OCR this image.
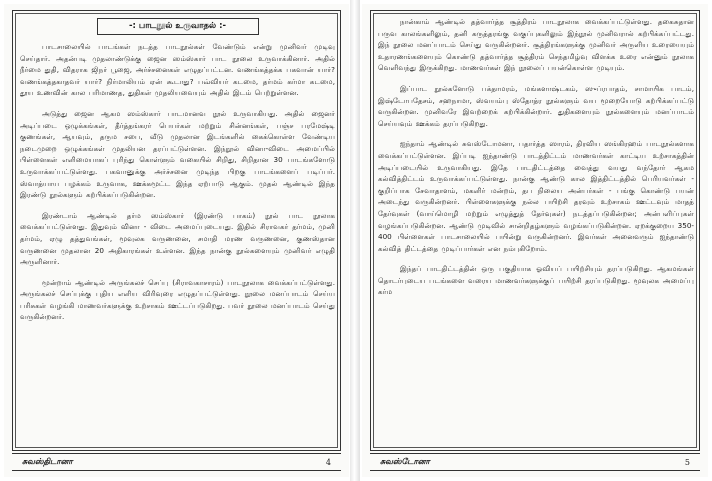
-: பாடநூல் உருவாதல் :-

பாடசாலையில் பாடங்கள் நடத்த பாடநூல்கள் வேண்டும் என்று முனிவர் முடிவு செய்தார். அதன்படி முதலாண்டுக்கு ஜைன ஸம்ஸ்கார் பாட நூலை உருவாக்கினார். அதில் நீர்மை துதி, விதராக ஜிநர் பூஜை, அர்ச்சனைகள் எழுதப்பட்டன. வணங்கத்தக்க பகவான் யார்? வணங்கத்தகாதவர் யார்? நிர்மாலியம் ஏன் கூடாது? பவ்வியர் கடமை, தர்மம் கர்மா கடமை, தூய உணவின் கால பரிமாணத, துதிகள் முதலியவையும் அதில் இடம் பெற்றுள்ளன.

அடுத்து ஜைன ஆகம ஸம்ஸ்கார் பாடமானவ நூல் உருவாகியது. அதில் ஜைனர் அடிப்படை ஒழுக்கங்கள், தீர்த்தங்கரர் பெயர்கள் மற்றும் சின்னங்கள், பஞ்ச பரமேஷ்டி குணங்கள், ஆயவும், தரும சபை, வீடு முதலான இடங்களில் கைக்கொள்ள வேண்டிய நடைமுறை ஒழுக்கங்கள் முதலியன தரப்பட்டுள்ளன. இந்நூல் வினா-விடை அமைப்பில் பிள்ளைகள் எளிமையாகப் புரிந்து கொள்ளும் வகையில் சிறிது, சிறிதான 30 பாடங்களோடு உருவாக்கப்பட்டுள்ளது. பகவானுக்கு அர்ச்சனை முடிந்த பிறகு பாடங்களைப் படிப்பர். ஸ்வாத்யாய பழக்கம் உருவாக, ஊக்கமூட்ட இந்த ஏற்பாடு ஆகும். முதல் ஆண்டில் இந்த இரண்டு நூல்களும் கற்பிக்கப்படுகின்றன.

இரண்டாம் ஆண்டில் தர்ம ஸம்ஸ்கார் (இரண்டு பாகம்) நூல் பாட நூலாக வைக்கப்பட்டுள்ளது. இதுவும் வினா - விடை அமைப்புடையது. இதில் சிராவகர் தர்மம், முனி தர்மம், ஏழு தத்துவங்கள், மூவுலக வருணனை, சமாதி மரண வருணனை, குணஸ்தான வருணனை முதலான 20 அதிகாரங்கள் உள்ளன. இந்த நான்கு நூல்களையும் முனிவர் எழுதி அருளினார்.

மூன்றாம் ஆண்டில் அருங்கலச் செப்பு (சிராவகாசாரம்) பாடநூலாக வைக்கப்பட்டுள்ளது. அருங்கலச் செப்புக்கு புதிய எளிய விரிவுரை எழுதப்பட்டுள்ளது. நூலை மனப்பாடம் செய்ய பரிசுகள் வழங்கி மாணவர்களுக்கு உற்சாகம் ஊட்டப்படுகிறது. பவர் நூலை மனப்பாடம் செய்து வருகின்றனர்.

சுவஸ்திடானா	4

நான்காம் ஆண்டில் தத்வார்த்த சூத்திரம் பாடநூலாக வைக்கப்பட்டுள்ளது. தகைசுதான பருவ காலங்களிலும், தனி கருத்தரங்கு வகுப்புகளிலும் இந்நூல் முனிவரால் கற்பிக்கப்பட்டது. இந் நூலை மனப்பாடம் செய்து வருகின்றனர். சூத்திரங்களுக்கு முனிவர் அருளிய உரையையும் உதாரணங்களையும் கொண்டு தத்வார்த்த சூத்திரம் செந்தமிழ்வு விளக்க உரை என்னும் நூலாக வெளிவந்து இருக்கிறது. மாணவர்கள் இந் நூலைப் பயன்கொள்ள முடியும்.

இப்பாட நூல்களோடு பக்தாமரம், மங்களாஷ்டகம், ஸுப்ரபாதம், சாமாயிக பாடம், இஷ்டோபதேசம், சஹநாமா, ஸ்வயம்பு ஸ்தோத்ர நூல்களும் வய மூறையோடு கற்பிக்கப்பட்டு வருகின்றன. முனிவரே இவற்றைக் கற்பிக்கின்றார். துதிகளையும் நூல்களையும் மனப்பாடம் செய்யவும் ஊக்கம் தரப்படுகிறது.

ஐந்தாம் ஆண்டில் சுவஸ்டோமனா, பதார்த்த ஸாரம், திரவிய ஸங்கிரஹம் பாடநூல்களாக வைக்கப்பட்டுள்ளன. இப்படி ஐந்தாண்டு பாடத்திட்டம் மாணவர்கள் காட்டிய உற்சாகத்தின் அடிப்படையில் உருவாகியது. இதே பாடதிட்டத்தை வைத்து வயது வந்தோர் ஆகம கல்வித்திட்டம் உருவாக்கப்பட்டுள்ளது. நான்கு ஆண்டு கால இத்திட்டத்தில் பெரியவர்கள் - குறிப்பாக சேவாதாளம், மகளிர் மன்றம், தப நிலைய அன்பர்கள் - பங்கு கொண்டு பயன் அடைந்து வருகின்றனர். பிள்ளைகளுக்கு நல்ல பயிற்சி தரவும் உற்சாகம் ஊட்டவும் மாதத் தேர்வுகள் (வாய்மொழி மற்றும் எழுத்துத் தேர்வுகள்) நடத்தப்படுகின்றன; அன்பளிப்புகள் வழங்கப்படுகின்றன. ஆண்டு முடிவில் சான்றிதழ்களும் வழங்கப்படுகின்றன. ஏறக்குறைய 350-400 பிள்ளைகள் பாடசாலையில் பயின்று வருகின்றனர். இவர்கள் அனைவரும் ஐந்தாண்டு கல்வித் திட்டத்தை முடிப்பார்கள் என நம்புகிறோம்.

இந்தப் பாடதிட்டத்தின் ஒரு பகுதியாக ஓவியப் பயிற்சியும் தரப்படுகிறது. ஆகமங்கள் தொடர்புடைய படங்களை வரைய மாணவர்களுக்குப் பயிற்சி தரப்படுகிறது. மூவுலக அமைப்பு கர்ம

சுவஸ்டோனா	5
